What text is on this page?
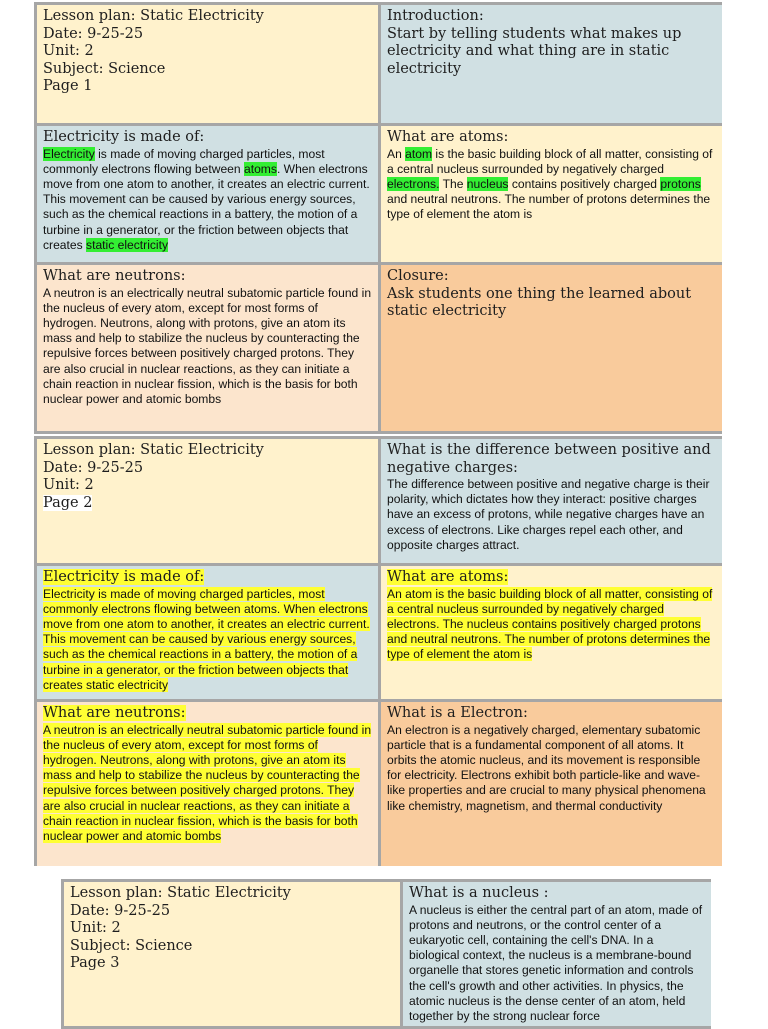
Lesson plan: Static Electricity
Date: 9-25-25
Unit: 2
Subject: Science
Page 1
Introduction:
Start by telling students what makes up electricity and what thing are in static electricity
Electricity is made of:
Electricity is made of moving charged particles, most commonly electrons flowing between atoms. When electrons move from one atom to another, it creates an electric current. This movement can be caused by various energy sources, such as the chemical reactions in a battery, the motion of a turbine in a generator, or the friction between objects that creates static electricity
What are atoms:
An atom is the basic building block of all matter, consisting of a central nucleus surrounded by negatively charged electrons. The nucleus contains positively charged protons and neutral neutrons. The number of protons determines the type of element the atom is
What are neutrons:
A neutron is an electrically neutral subatomic particle found in the nucleus of every atom, except for most forms of hydrogen. Neutrons, along with protons, give an atom its mass and help to stabilize the nucleus by counteracting the repulsive forces between positively charged protons. They are also crucial in nuclear reactions, as they can initiate a chain reaction in nuclear fission, which is the basis for both nuclear power and atomic bombs
Closure:
Ask students one thing the learned about static electricity
Lesson plan: Static Electricity
Date: 9-25-25
Unit: 2
Page 2
What is the difference between positive and negative charges:
The difference between positive and negative charge is their polarity, which dictates how they interact: positive charges have an excess of protons, while negative charges have an excess of electrons. Like charges repel each other, and opposite charges attract.
Electricity is made of:
Electricity is made of moving charged particles, most commonly electrons flowing between atoms. When electrons move from one atom to another, it creates an electric current. This movement can be caused by various energy sources, such as the chemical reactions in a battery, the motion of a turbine in a generator, or the friction between objects that creates static electricity
What are atoms:
An atom is the basic building block of all matter, consisting of a central nucleus surrounded by negatively charged electrons. The nucleus contains positively charged protons and neutral neutrons. The number of protons determines the type of element the atom is
What are neutrons:
A neutron is an electrically neutral subatomic particle found in the nucleus of every atom, except for most forms of hydrogen. Neutrons, along with protons, give an atom its mass and help to stabilize the nucleus by counteracting the repulsive forces between positively charged protons. They are also crucial in nuclear reactions, as they can initiate a chain reaction in nuclear fission, which is the basis for both nuclear power and atomic bombs
What is a Electron:
An electron is a negatively charged, elementary subatomic particle that is a fundamental component of all atoms. It orbits the atomic nucleus, and its movement is responsible for electricity. Electrons exhibit both particle-like and wave-like properties and are crucial to many physical phenomena like chemistry, magnetism, and thermal conductivity
Lesson plan: Static Electricity
Date: 9-25-25
Unit: 2
Subject: Science
Page 3
What is a nucleus :
A nucleus is either the central part of an atom, made of protons and neutrons, or the control center of a eukaryotic cell, containing the cell's DNA. In a biological context, the nucleus is a membrane-bound organelle that stores genetic information and controls the cell's growth and other activities. In physics, the atomic nucleus is the dense center of an atom, held together by the strong nuclear force
